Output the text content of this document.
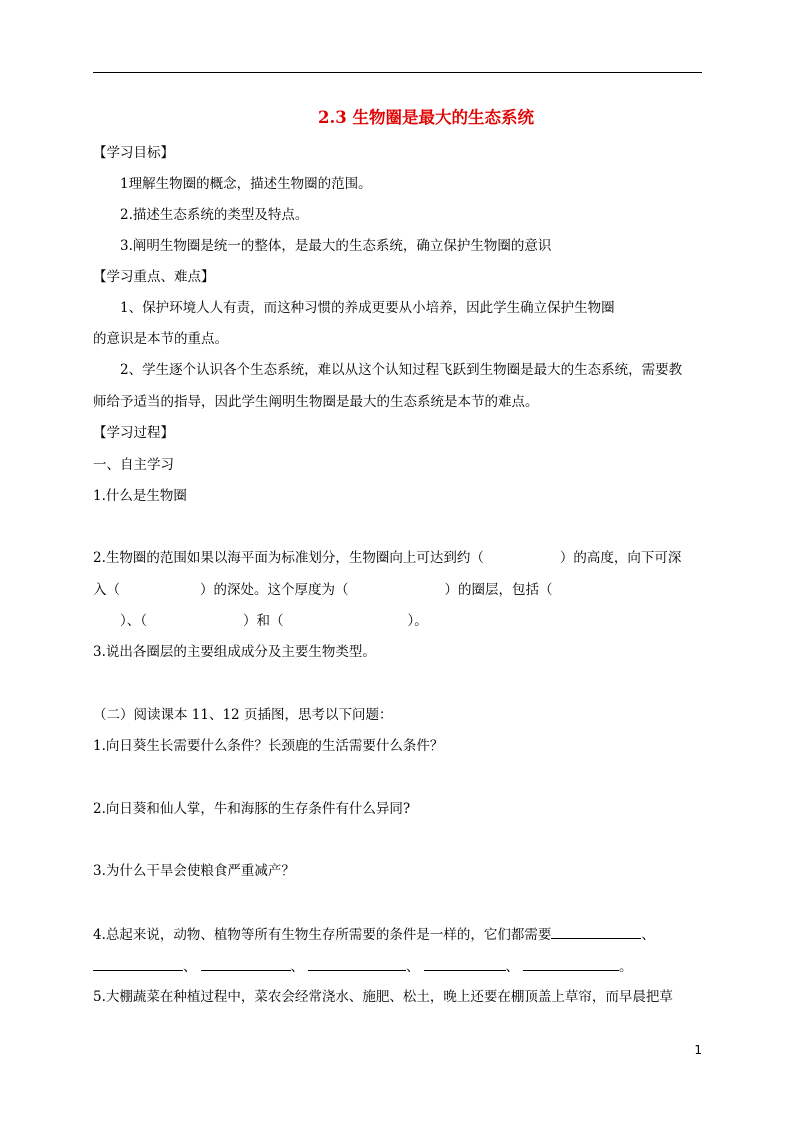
2.3 生物圈是最大的生态系统
【学习目标】
1理解生物圈的概念，描述生物圈的范围。
2.描述生态系统的类型及特点。
3.阐明生物圈是统一的整体，是最大的生态系统，确立保护生物圈的意识
【学习重点、难点】
1、保护环境人人有责，而这种习惯的养成更要从小培养，因此学生确立保护生物圈
的意识是本节的重点。
2、学生逐个认识各个生态系统，难以从这个认知过程飞跃到生物圈是最大的生态系统，需要教
师给予适当的指导，因此学生阐明生物圈是最大的生态系统是本节的难点。
【学习过程】
一、自主学习
1.什么是生物圈
2.生物圈的范围如果以海平面为标准划分，生物圈向上可达到约（	）的高度，向下可深
入（	）的深处。这个厚度为（	）的圈层，包括（
）、（	）和（	）。
3.说出各圈层的主要组成成分及主要生物类型。
（二）阅读课本 11、12 页插图，思考以下问题：
1.向日葵生长需要什么条件？长颈鹿的生活需要什么条件？
2.向日葵和仙人掌，牛和海豚的生存条件有什么异同?
3.为什么干旱会使粮食严重减产？
4.总起来说，动物、植物等所有生物生存所需要的条件是一样的，它们都需要	、
、	、	、	、	。
5.大棚蔬菜在种植过程中，菜农会经常浇水、施肥、松土，晚上还要在棚顶盖上草帘，而早晨把草
1
